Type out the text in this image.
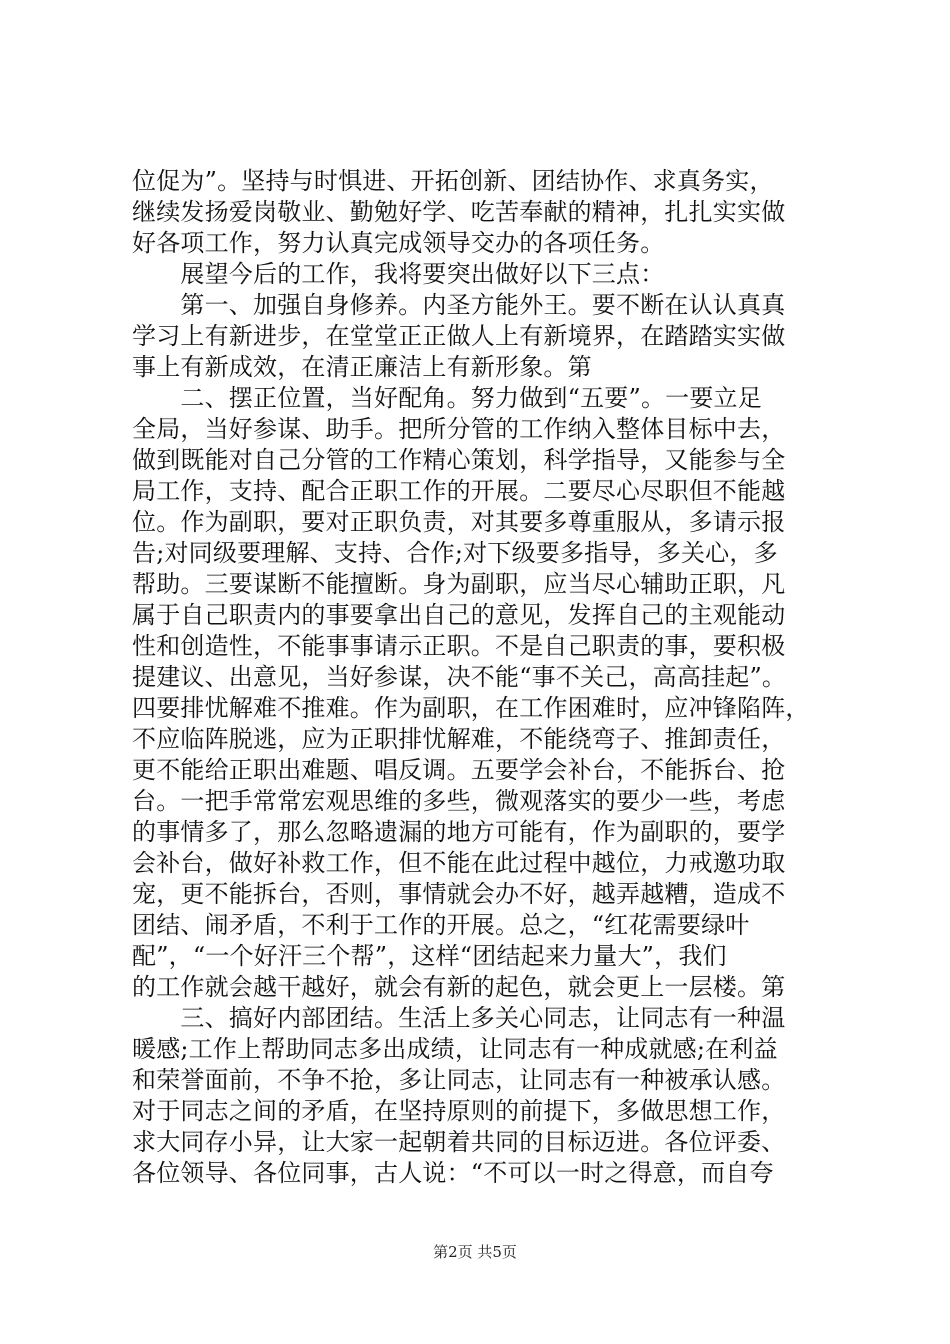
位促为”。坚持与时惧进、开拓创新、团结协作、求真务实，
继续发扬爱岗敬业、勤勉好学、吃苦奉献的精神，扎扎实实做
好各项工作，努力认真完成领导交办的各项任务。
　　展望今后的工作，我将要突出做好以下三点：
　　第一、加强自身修养。内圣方能外王。要不断在认认真真
学习上有新进步，在堂堂正正做人上有新境界，在踏踏实实做
事上有新成效，在清正廉洁上有新形象。第
　　二、摆正位置，当好配角。努力做到“五要”。一要立足
全局，当好参谋、助手。把所分管的工作纳入整体目标中去，
做到既能对自己分管的工作精心策划，科学指导，又能参与全
局工作，支持、配合正职工作的开展。二要尽心尽职但不能越
位。作为副职，要对正职负责，对其要多尊重服从，多请示报
告;对同级要理解、支持、合作;对下级要多指导，多关心，多
帮助。三要谋断不能擅断。身为副职，应当尽心辅助正职，凡
属于自己职责内的事要拿出自己的意见，发挥自己的主观能动
性和创造性，不能事事请示正职。不是自己职责的事，要积极
提建议、出意见，当好参谋，决不能“事不关己，高高挂起”。
四要排忧解难不推难。作为副职，在工作困难时，应冲锋陷阵，
不应临阵脱逃，应为正职排忧解难，不能绕弯子、推卸责任，
更不能给正职出难题、唱反调。五要学会补台，不能拆台、抢
台。一把手常常宏观思维的多些，微观落实的要少一些，考虑
的事情多了，那么忽略遗漏的地方可能有，作为副职的，要学
会补台，做好补救工作，但不能在此过程中越位，力戒邀功取
宠，更不能拆台，否则，事情就会办不好，越弄越糟，造成不
团结、闹矛盾，不利于工作的开展。总之，“红花需要绿叶
配”，“一个好汗三个帮”，这样“团结起来力量大”，我们
的工作就会越干越好，就会有新的起色，就会更上一层楼。第
　　三、搞好内部团结。生活上多关心同志，让同志有一种温
暖感;工作上帮助同志多出成绩，让同志有一种成就感;在利益
和荣誉面前，不争不抢，多让同志，让同志有一种被承认感。
对于同志之间的矛盾，在坚持原则的前提下，多做思想工作，
求大同存小异，让大家一起朝着共同的目标迈进。各位评委、
各位领导、各位同事，古人说：“不可以一时之得意，而自夸
第2页 共5页
